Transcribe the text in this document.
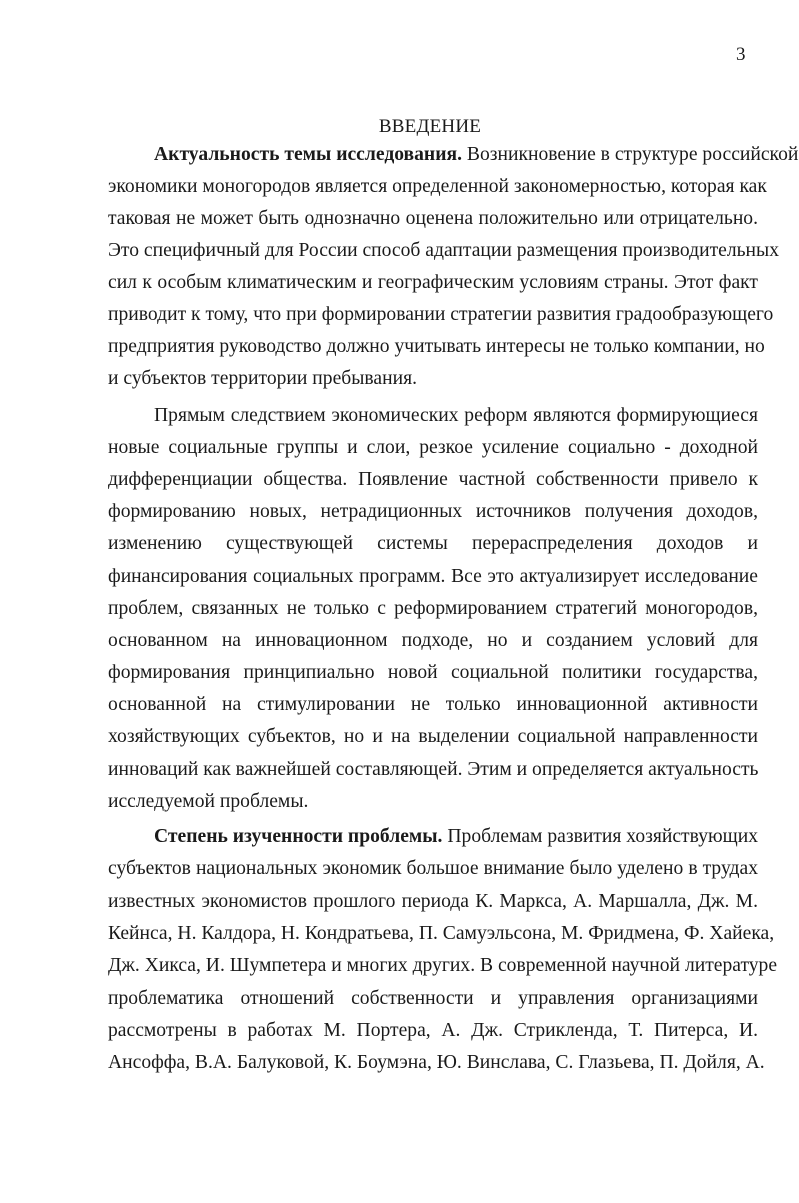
3
ВВЕДЕНИЕ
Актуальность темы исследования. Возникновение в структуре российской
экономики моногородов является определенной закономерностью, которая как
таковая не может быть однозначно оценена положительно или отрицательно.
Это специфичный для России способ адаптации размещения производительных
сил к особым климатическим и географическим условиям страны. Этот факт
приводит к тому, что при формировании стратегии развития градообразующего
предприятия руководство должно учитывать интересы не только компании, но
и субъектов территории пребывания.
Прямым следствием экономических реформ являются формирующиеся
новые социальные группы и слои, резкое усиление социально - доходной
дифференциации общества. Появление частной собственности привело к
формированию новых, нетрадиционных источников получения доходов,
изменению существующей системы перераспределения доходов и
финансирования социальных программ. Все это актуализирует исследование
проблем, связанных не только с реформированием стратегий моногородов,
основанном на инновационном подходе, но и созданием условий для
формирования принципиально новой социальной политики государства,
основанной на стимулировании не только инновационной активности
хозяйствующих субъектов, но и на выделении социальной направленности
инноваций как важнейшей составляющей. Этим и определяется актуальность
исследуемой проблемы.
Степень изученности проблемы. Проблемам развития хозяйствующих
субъектов национальных экономик большое внимание было уделено в трудах
известных экономистов прошлого периода К. Маркса, А. Маршалла, Дж. М.
Кейнса, Н. Калдора, Н. Кондратьева, П. Самуэльсона, М. Фридмена, Ф. Хайека,
Дж. Хикса, И. Шумпетера и многих других. В современной научной литературе
проблематика отношений собственности и управления организациями
рассмотрены в работах М. Портера, А. Дж. Стрикленда, Т. Питерса, И.
Ансоффа, В.А. Балуковой, К. Боумэна, Ю. Винслава, С. Глазьева, П. Дойля, А.
